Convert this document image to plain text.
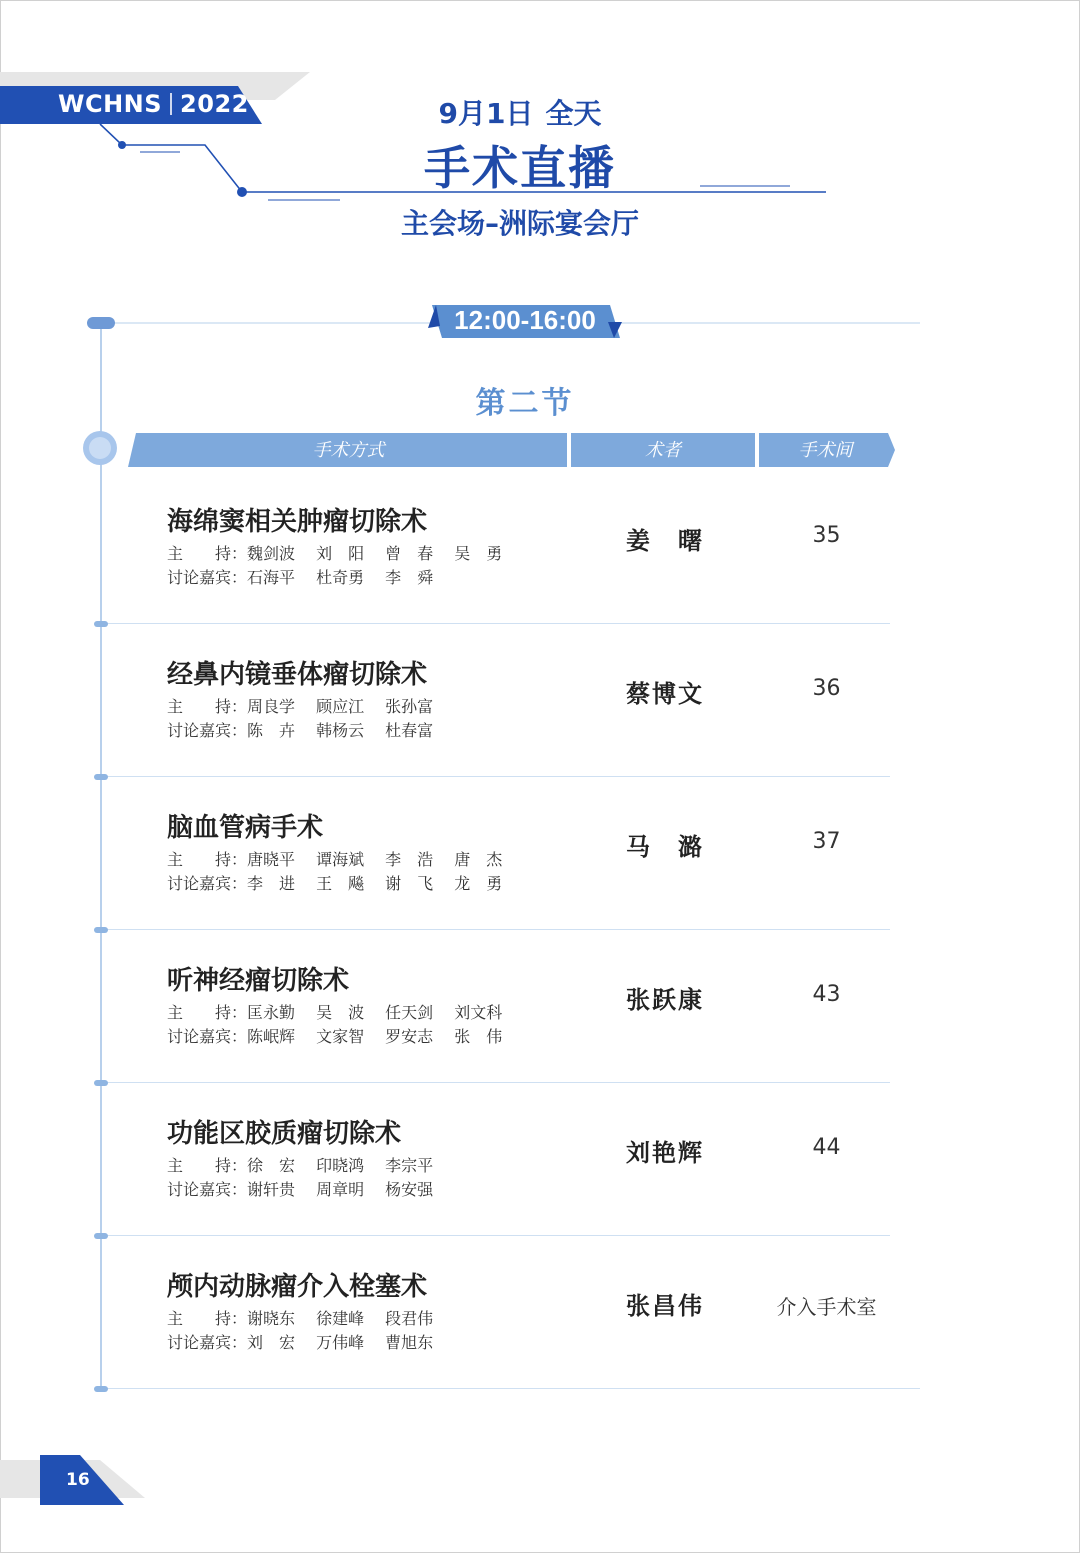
WCHNS 2022	9月1日 全天
手术直播
主会场–洲际宴会厅
12:00-16:00
第二节
手术方式	术者	手术间
海绵窦相关肿瘤切除术
主　　持：魏剑波　 刘　阳　 曾　春　 吴　勇
讨论嘉宾：石海平　 杜奇勇　 李　舜
姜　曙	35
经鼻内镜垂体瘤切除术
主　　持：周良学　 顾应江　 张孙富
讨论嘉宾：陈　卉　 韩杨云　 杜春富
蔡博文	36
脑血管病手术
主　　持：唐晓平　 谭海斌　 李　浩　 唐　杰
讨论嘉宾：李　进　 王　飚　 谢　飞　 龙　勇
马　潞	37
听神经瘤切除术
主　　持：匡永勤　 吴　波　 任天剑　 刘文科
讨论嘉宾：陈岷辉　 文家智　 罗安志　 张　伟
张跃康	43
功能区胶质瘤切除术
主　　持：徐　宏　 印晓鸿　 李宗平
讨论嘉宾：谢轩贵　 周章明　 杨安强
刘艳辉	44
颅内动脉瘤介入栓塞术
主　　持：谢晓东　 徐建峰　 段君伟
讨论嘉宾：刘　宏　 万伟峰　 曹旭东
张昌伟	介入手术室
16
